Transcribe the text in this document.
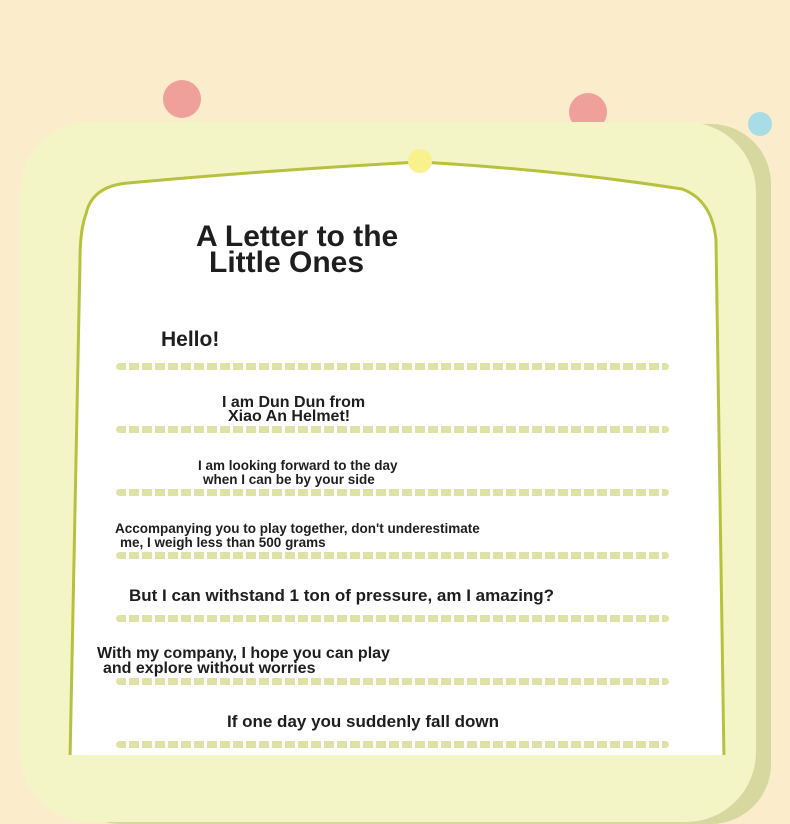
A Letter to the
Little Ones
Hello!
I am Dun Dun from
Xiao An Helmet!
I am looking forward to the day
when I can be by your side
Accompanying you to play together, don't underestimate
me, I weigh less than 500 grams
But I can withstand 1 ton of pressure, am I amazing?
With my company, I hope you can play
and explore without worries
If one day you suddenly fall down
